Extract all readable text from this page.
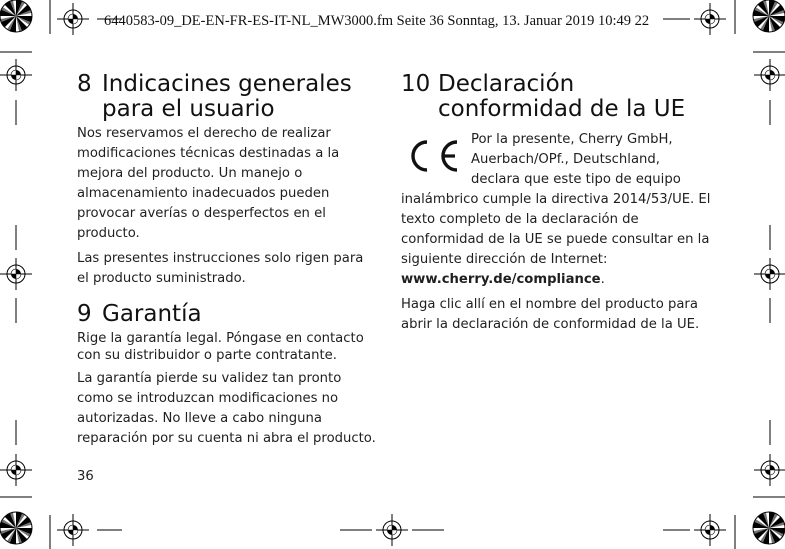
6440583-09_DE-EN-FR-ES-IT-NL_MW3000.fm Seite 36 Sonntag, 13. Januar 2019 10:49 22
8 Indicacines generales
para el usuario

Nos reservamos el derecho de realizar modificaciones técnicas destinadas a la mejora del producto. Un manejo o almacenamiento inadecuados pueden provocar averías o desperfectos en el producto.

Las presentes instrucciones solo rigen para el producto suministrado.

9 Garantía

Rige la garantía legal. Póngase en contacto con su distribuidor o parte contratante.

La garantía pierde su validez tan pronto como se introduzcan modificaciones no autorizadas. No lleve a cabo ninguna reparación por su cuenta ni abra el producto.

10 Declaración
conformidad de la UE

Por la presente, Cherry GmbH,

Auerbach/OPf., Deutschland,

declara que este tipo de equipo

inalámbrico cumple la directiva 2014/53/UE. El texto completo de la declaración de conformidad de la UE se puede consultar en la siguiente dirección de Internet: www.cherry.de/compliance.

Haga clic allí en el nombre del producto para abrir la declaración de conformidad de la UE.

36
